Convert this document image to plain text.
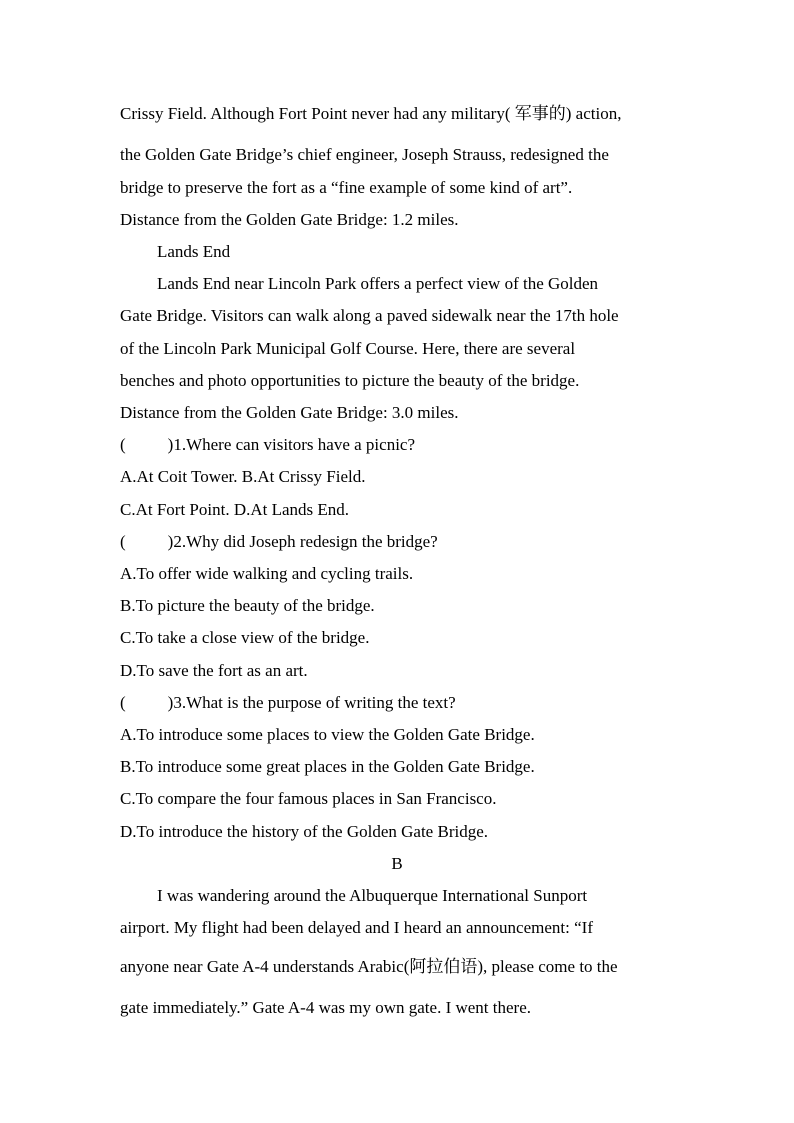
Crissy Field. Although Fort Point never had any military( 军事的) action,
the Golden Gate Bridge’s chief engineer, Joseph Strauss, redesigned the
bridge to preserve the fort as a “fine example of some kind of art”.
Distance from the Golden Gate Bridge: 1.2 miles.
Lands End
Lands End near Lincoln Park offers a perfect view of the Golden
Gate Bridge. Visitors can walk along a paved sidewalk near the 17th hole
of the Lincoln Park Municipal Golf Course. Here, there are several
benches and photo opportunities to picture the beauty of the bridge.
Distance from the Golden Gate Bridge: 3.0 miles.
( )1.Where can visitors have a picnic?
A.At Coit Tower. B.At Crissy Field.
C.At Fort Point. D.At Lands End.
( )2.Why did Joseph redesign the bridge?
A.To offer wide walking and cycling trails.
B.To picture the beauty of the bridge.
C.To take a close view of the bridge.
D.To save the fort as an art.
( )3.What is the purpose of writing the text?
A.To introduce some places to view the Golden Gate Bridge.
B.To introduce some great places in the Golden Gate Bridge.
C.To compare the four famous places in San Francisco.
D.To introduce the history of the Golden Gate Bridge.
B
I was wandering around the Albuquerque International Sunport
airport. My flight had been delayed and I heard an announcement: “If
anyone near Gate A-4 understands Arabic(阿拉伯语), please come to the
gate immediately.” Gate A-4 was my own gate. I went there.
